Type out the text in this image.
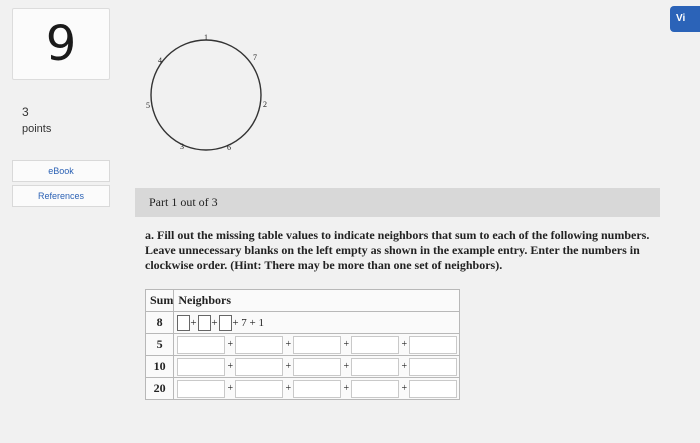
9
3
points
eBook
References
Vi
1
7
2
6
3
5
4
Part 1 out of 3
a. Fill out the missing table values to indicate neighbors that sum to each of the following numbers. Leave unnecessary blanks on the left empty as shown in the example entry. Enter the numbers in clockwise order. (Hint: There may be more than one set of neighbors).
Sum	Neighbors
8	+ + + 7 + 1

5	+ + + +

10	+ + + +

20	+ + + +
